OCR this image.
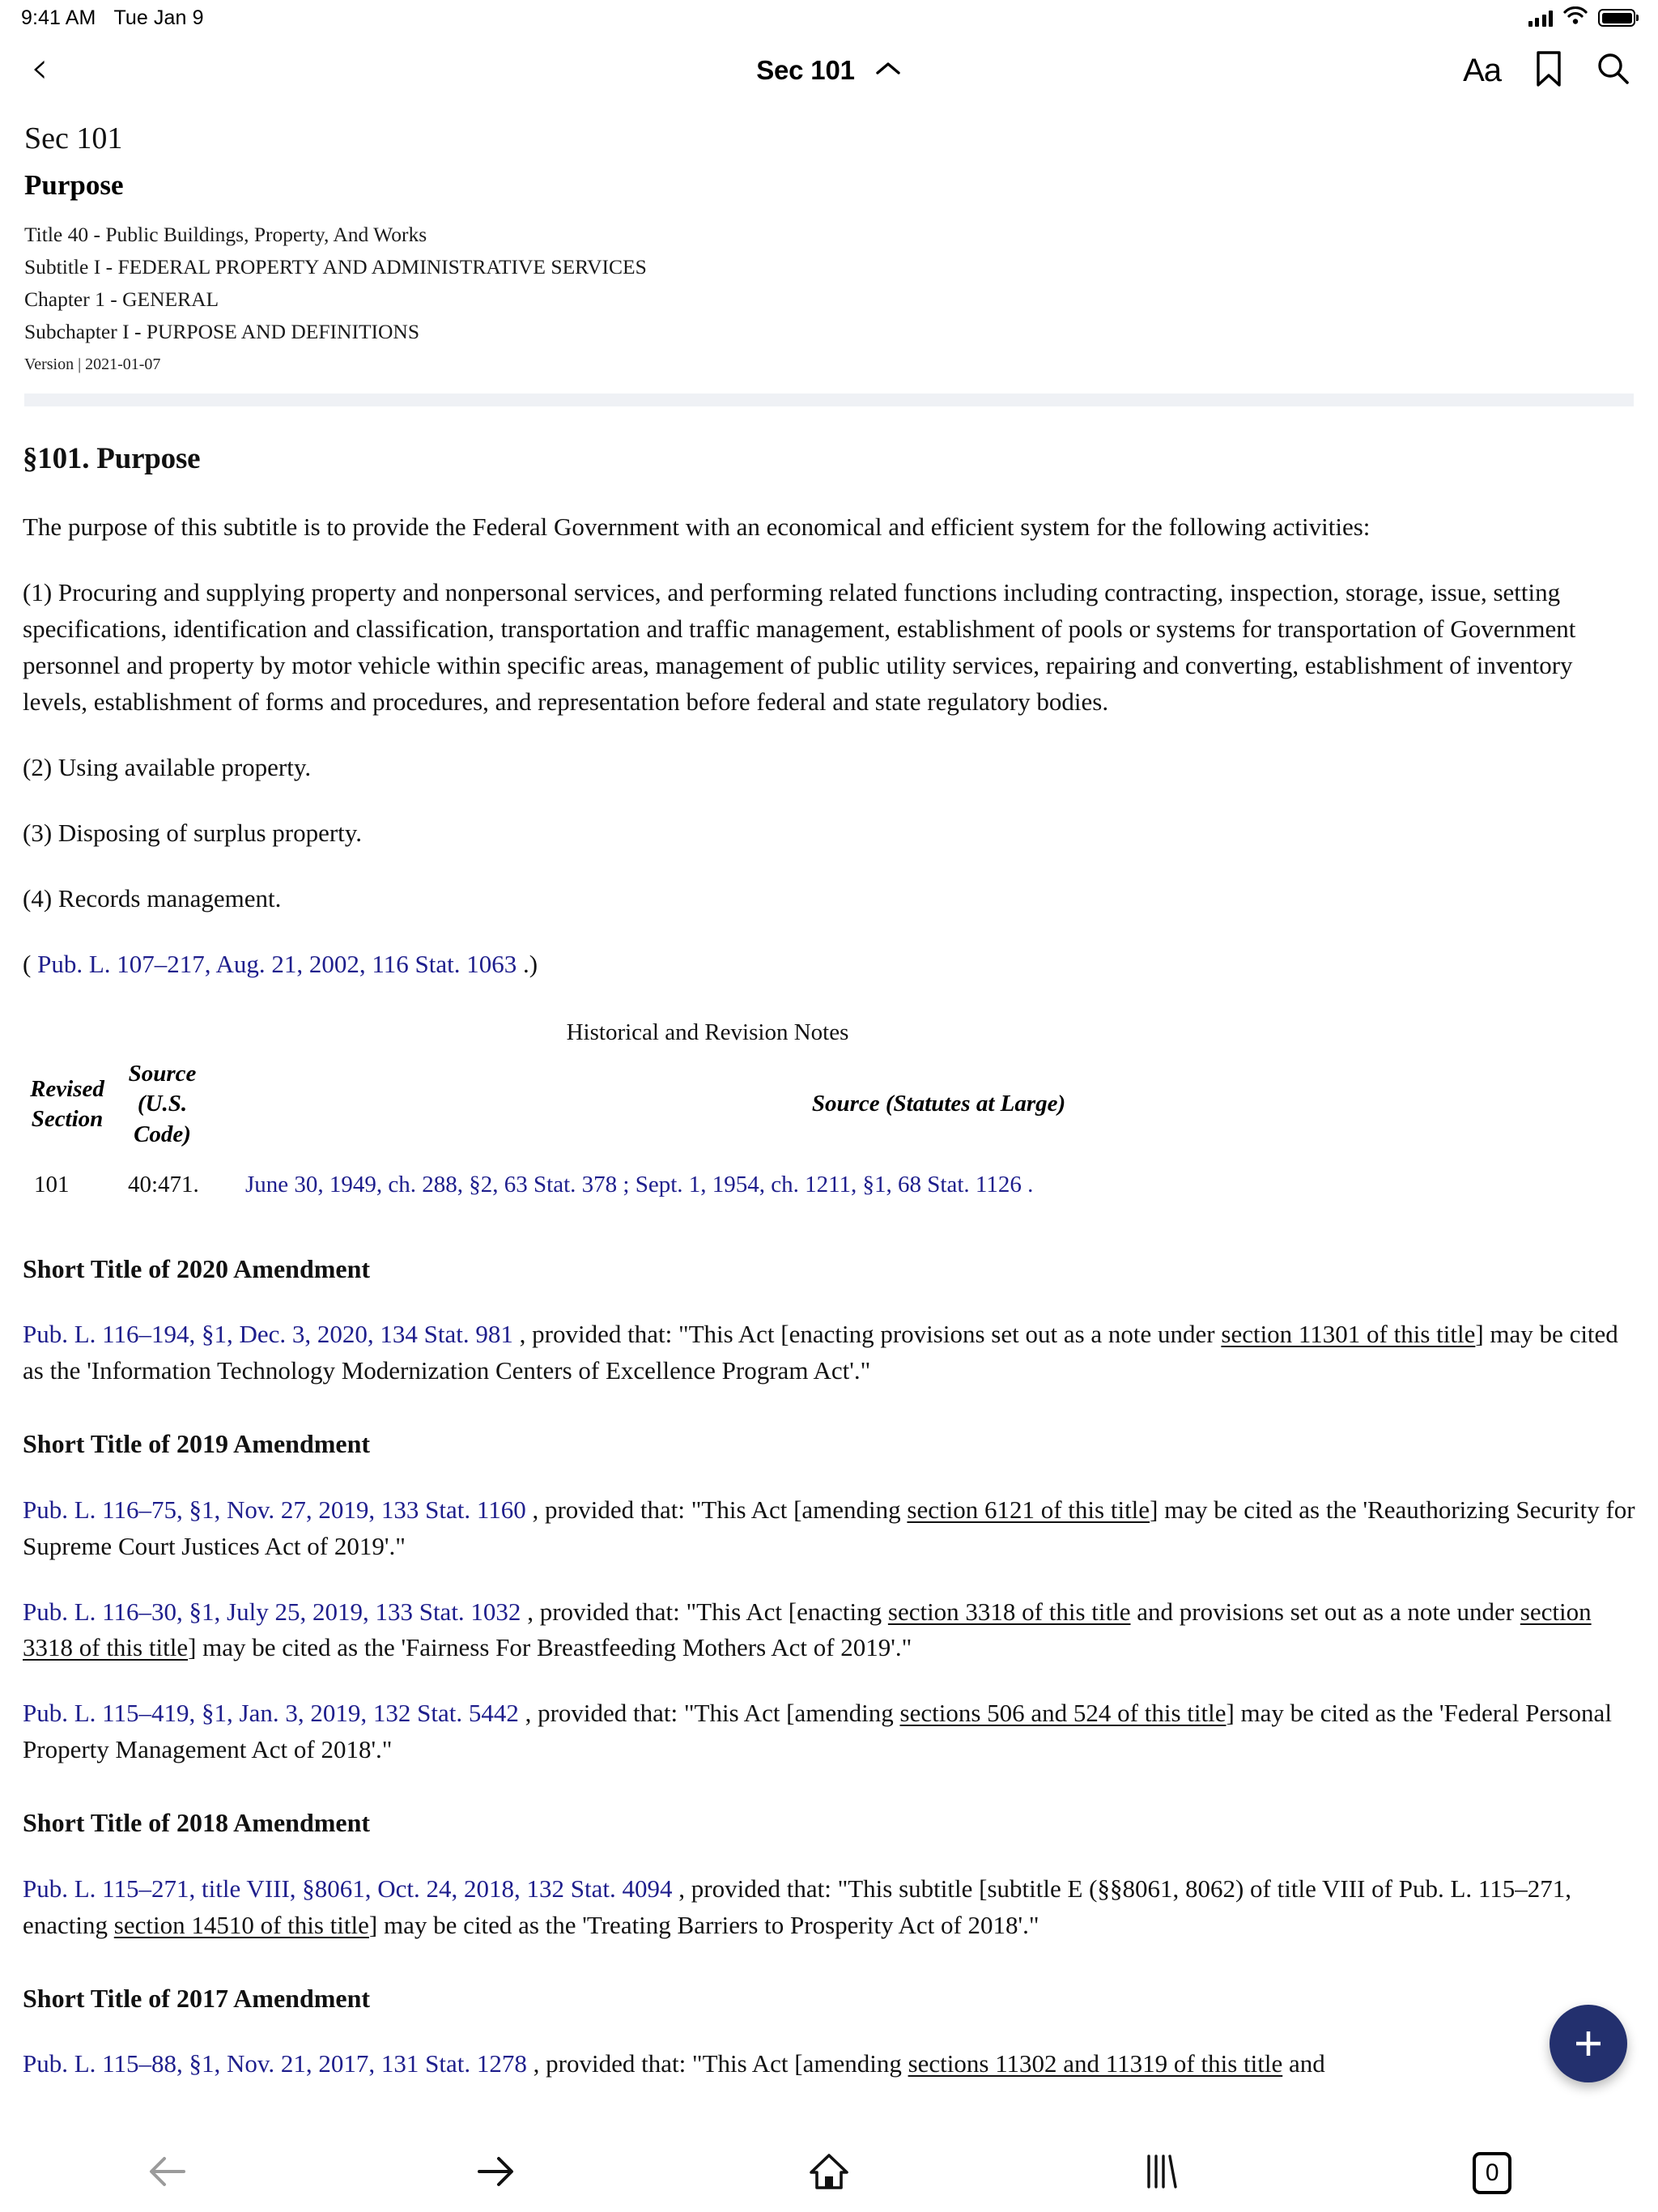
9:41 AM Tue Jan 9
‹	Sec 101	Aa
Sec 101
Purpose
Title 40 - Public Buildings, Property, And Works
Subtitle I - FEDERAL PROPERTY AND ADMINISTRATIVE SERVICES
Chapter 1 - GENERAL
Subchapter I - PURPOSE AND DEFINITIONS
Version | 2021-01-07
§101. Purpose

The purpose of this subtitle is to provide the Federal Government with an economical and efficient system for the following activities:

(1) Procuring and supplying property and nonpersonal services, and performing related functions including contracting, inspection, storage, issue, setting specifications, identification and classification, transportation and traffic management, establishment of pools or systems for transportation of Government personnel and property by motor vehicle within specific areas, management of public utility services, repairing and converting, establishment of inventory levels, establishment of forms and procedures, and representation before federal and state regulatory bodies.

(2) Using available property.

(3) Disposing of surplus property.

(4) Records management.

( Pub. L. 107–217, Aug. 21, 2002, 116 Stat. 1063 .)

Historical and Revision Notes
Revised Section	Source (U.S. Code)	Source (Statutes at Large)
101	40:471.	June 30, 1949, ch. 288, §2, 63 Stat. 378 ; Sept. 1, 1954, ch. 1211, §1, 68 Stat. 1126 .
Short Title of 2020 Amendment

Pub. L. 116–194, §1, Dec. 3, 2020, 134 Stat. 981 , provided that: "This Act [enacting provisions set out as a note under section 11301 of this title] may be cited as the 'Information Technology Modernization Centers of Excellence Program Act'."

Short Title of 2019 Amendment

Pub. L. 116–75, §1, Nov. 27, 2019, 133 Stat. 1160 , provided that: "This Act [amending section 6121 of this title] may be cited as the 'Reauthorizing Security for Supreme Court Justices Act of 2019'."

Pub. L. 116–30, §1, July 25, 2019, 133 Stat. 1032 , provided that: "This Act [enacting section 3318 of this title and provisions set out as a note under section 3318 of this title] may be cited as the 'Fairness For Breastfeeding Mothers Act of 2019'."

Pub. L. 115–419, §1, Jan. 3, 2019, 132 Stat. 5442 , provided that: "This Act [amending sections 506 and 524 of this title] may be cited as the 'Federal Personal Property Management Act of 2018'."

Short Title of 2018 Amendment

Pub. L. 115–271, title VIII, §8061, Oct. 24, 2018, 132 Stat. 4094 , provided that: "This subtitle [subtitle E (§§8061, 8062) of title VIII of Pub. L. 115–271, enacting section 14510 of this title] may be cited as the 'Treating Barriers to Prosperity Act of 2018'."

Short Title of 2017 Amendment

Pub. L. 115–88, §1, Nov. 21, 2017, 131 Stat. 1278 , provided that: "This Act [amending sections 11302 and 11319 of this title and

0
